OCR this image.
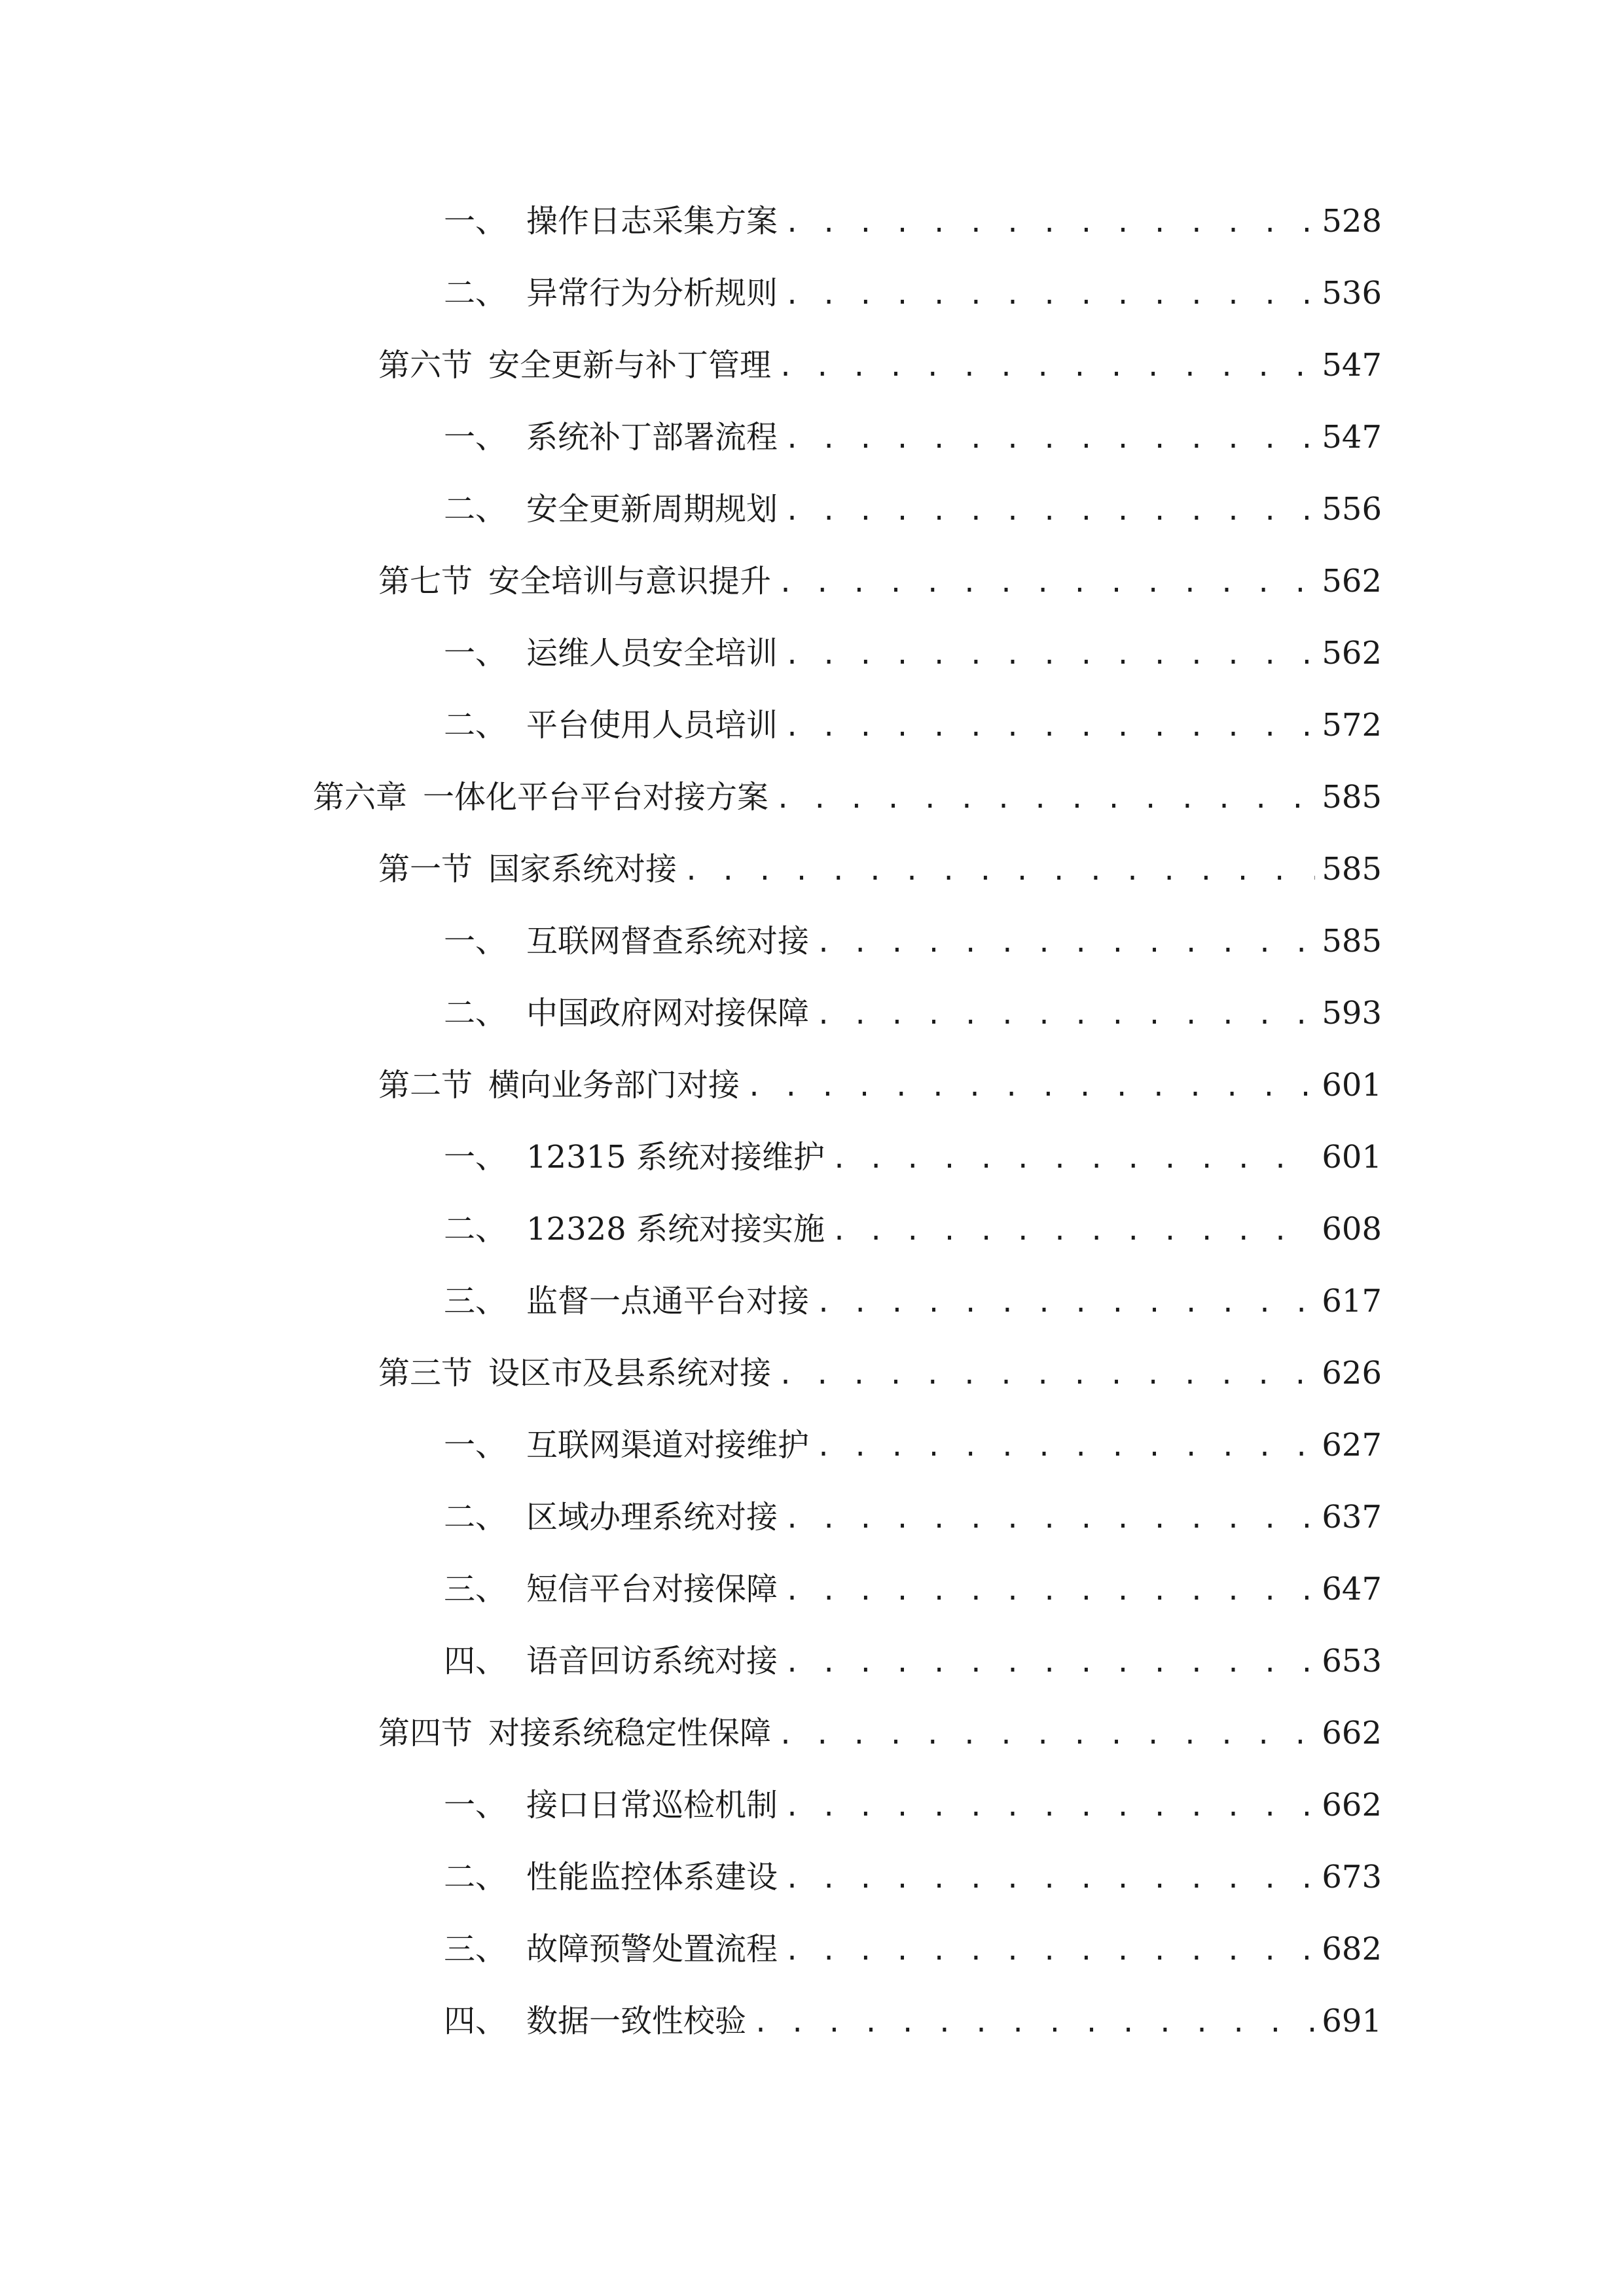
一、 操作日志采集方案 . . .	528
二、 异常行为分析规则 . . .	536
第六节 安全更新与补丁管理 . . .	547
一、 系统补丁部署流程 . . .	547
二、 安全更新周期规划 . . .	556
第七节 安全培训与意识提升 . . .	562
一、 运维人员安全培训 . . .	562
二、 平台使用人员培训 . . .	572
第六章 一体化平台平台对接方案 . . .	585
第一节 国家系统对接 . . .	585
一、 互联网督查系统对接 . . .	585
二、 中国政府网对接保障 . . .	593
第二节 横向业务部门对接 . . .	601
一、 12315 系统对接维护 . . .	601
二、 12328 系统对接实施 . . .	608
三、 监督一点通平台对接 . . .	617
第三节 设区市及县系统对接 . . .	626
一、 互联网渠道对接维护 . . .	627
二、 区域办理系统对接 . . .	637
三、 短信平台对接保障 . . .	647
四、 语音回访系统对接 . . .	653
第四节 对接系统稳定性保障 . . .	662
一、 接口日常巡检机制 . . .	662
二、 性能监控体系建设 . . .	673
三、 故障预警处置流程 . . .	682
四、 数据一致性校验 . . .	691
